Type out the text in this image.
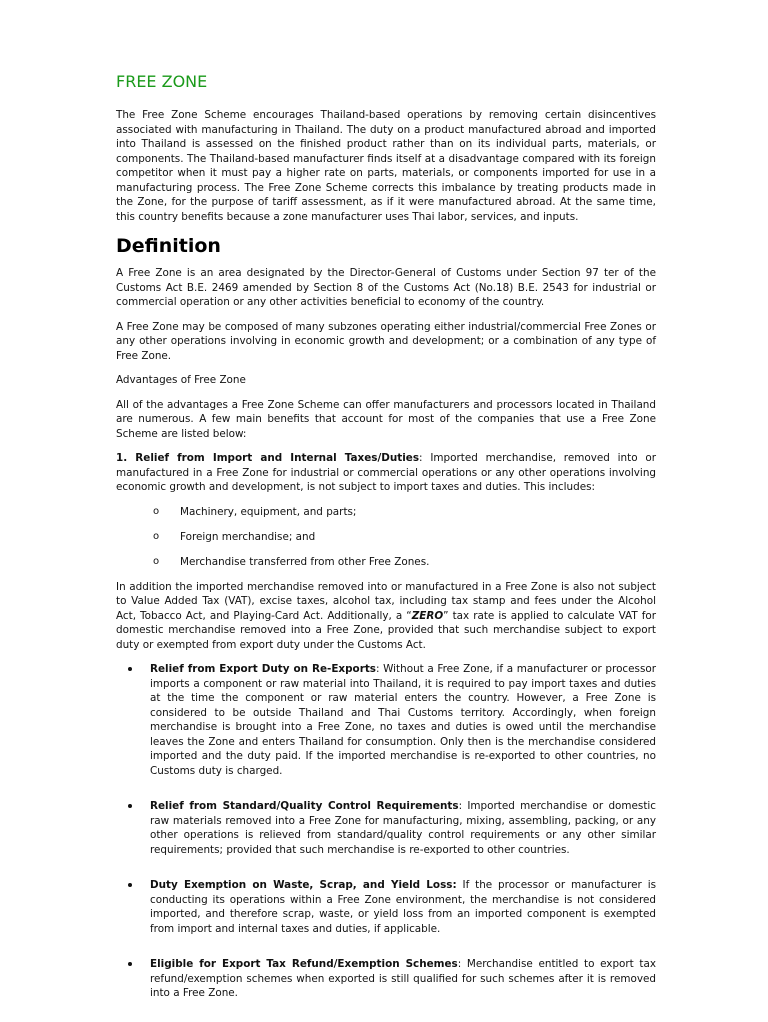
FREE ZONE

The Free Zone Scheme encourages Thailand-based operations by removing certain disincentives associated with manufacturing in Thailand. The duty on a product manufactured abroad and imported into Thailand is assessed on the finished product rather than on its individual parts, materials, or components. The Thailand-based manufacturer finds itself at a disadvantage compared with its foreign competitor when it must pay a higher rate on parts, materials, or components imported for use in a manufacturing process. The Free Zone Scheme corrects this imbalance by treating products made in the Zone, for the purpose of tariff assessment, as if it were manufactured abroad. At the same time, this country benefits because a zone manufacturer uses Thai labor, services, and inputs.

Definition

A Free Zone is an area designated by the Director-General of Customs under Section 97 ter of the Customs Act B.E. 2469 amended by Section 8 of the Customs Act (No.18) B.E. 2543 for industrial or commercial operation or any other activities beneficial to economy of the country.

A Free Zone may be composed of many subzones operating either industrial/commercial Free Zones or any other operations involving in economic growth and development; or a combination of any type of Free Zone.

Advantages of Free Zone

All of the advantages a Free Zone Scheme can offer manufacturers and processors located in Thailand are numerous. A few main benefits that account for most of the companies that use a Free Zone Scheme are listed below:

1. Relief from Import and Internal Taxes/Duties: Imported merchandise, removed into or manufactured in a Free Zone for industrial or commercial operations or any other operations involving economic growth and development, is not subject to import taxes and duties. This includes:

o Machinery, equipment, and parts;
o Foreign merchandise; and
o Merchandise transferred from other Free Zones.

In addition the imported merchandise removed into or manufactured in a Free Zone is also not subject to Value Added Tax (VAT), excise taxes, alcohol tax, including tax stamp and fees under the Alcohol Act, Tobacco Act, and Playing-Card Act. Additionally, a “ZERO” tax rate is applied to calculate VAT for domestic merchandise removed into a Free Zone, provided that such merchandise subject to export duty or exempted from export duty under the Customs Act.

Relief from Export Duty on Re-Exports: Without a Free Zone, if a manufacturer or processor imports a component or raw material into Thailand, it is required to pay import taxes and duties at the time the component or raw material enters the country. However, a Free Zone is considered to be outside Thailand and Thai Customs territory. Accordingly, when foreign merchandise is brought into a Free Zone, no taxes and duties is owed until the merchandise leaves the Zone and enters Thailand for consumption. Only then is the merchandise considered imported and the duty paid. If the imported merchandise is re-exported to other countries, no Customs duty is charged.
Relief from Standard/Quality Control Requirements: Imported merchandise or domestic raw materials removed into a Free Zone for manufacturing, mixing, assembling, packing, or any other operations is relieved from standard/quality control requirements or any other similar requirements; provided that such merchandise is re-exported to other countries.
Duty Exemption on Waste, Scrap, and Yield Loss: If the processor or manufacturer is conducting its operations within a Free Zone environment, the merchandise is not considered imported, and therefore scrap, waste, or yield loss from an imported component is exempted from import and internal taxes and duties, if applicable.
Eligible for Export Tax Refund/Exemption Schemes: Merchandise entitled to export tax refund/exemption schemes when exported is still qualified for such schemes after it is removed into a Free Zone.
